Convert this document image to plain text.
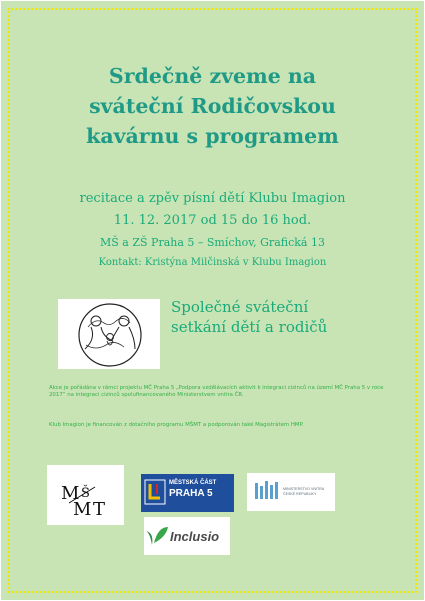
Srdečně zveme na
sváteční Rodičovskou
kavárnu s programem
recitace a zpěv písní dětí Klubu Imagion
11. 12. 2017 od 15 do 16 hod.
MŠ a ZŠ Praha 5 – Smíchov, Grafická 13
Kontakt: Kristýna Milčinská v Klubu Imagion
Společné sváteční
setkání dětí a rodičů
Akce je pořádána v rámci projektu MČ Praha 5 „Podpora vzdělávacích aktivit k integraci cizinců na území MČ Praha 5 v roce 2017“ na integraci cizinců spolufinancovaného Ministerstvem vnitra ČR.
Klub Imagion je financován z dotačního programu MŠMT a podporován také Magistrátem HMP.
M Š
M T
MĚSTSKÁ ČÁST
PRAHA 5	MINISTERSTVO VNITRA
ČESKÉ REPUBLIKY
Inclusio
